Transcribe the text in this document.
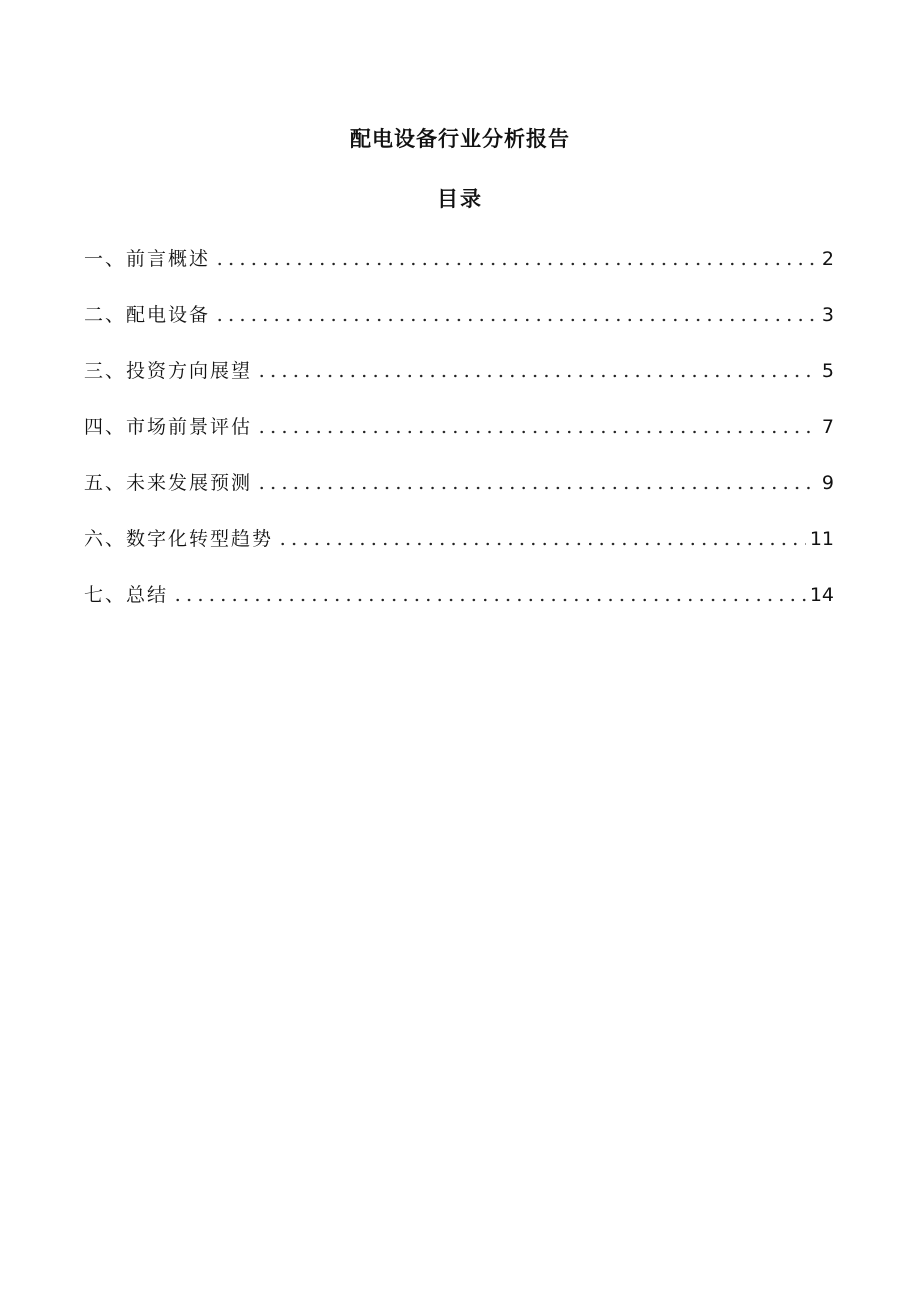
配电设备行业分析报告
目录
一、前言概述	2
二、配电设备	3
三、投资方向展望	5
四、市场前景评估	7
五、未来发展预测	9
六、数字化转型趋势	11
七、总结	14
